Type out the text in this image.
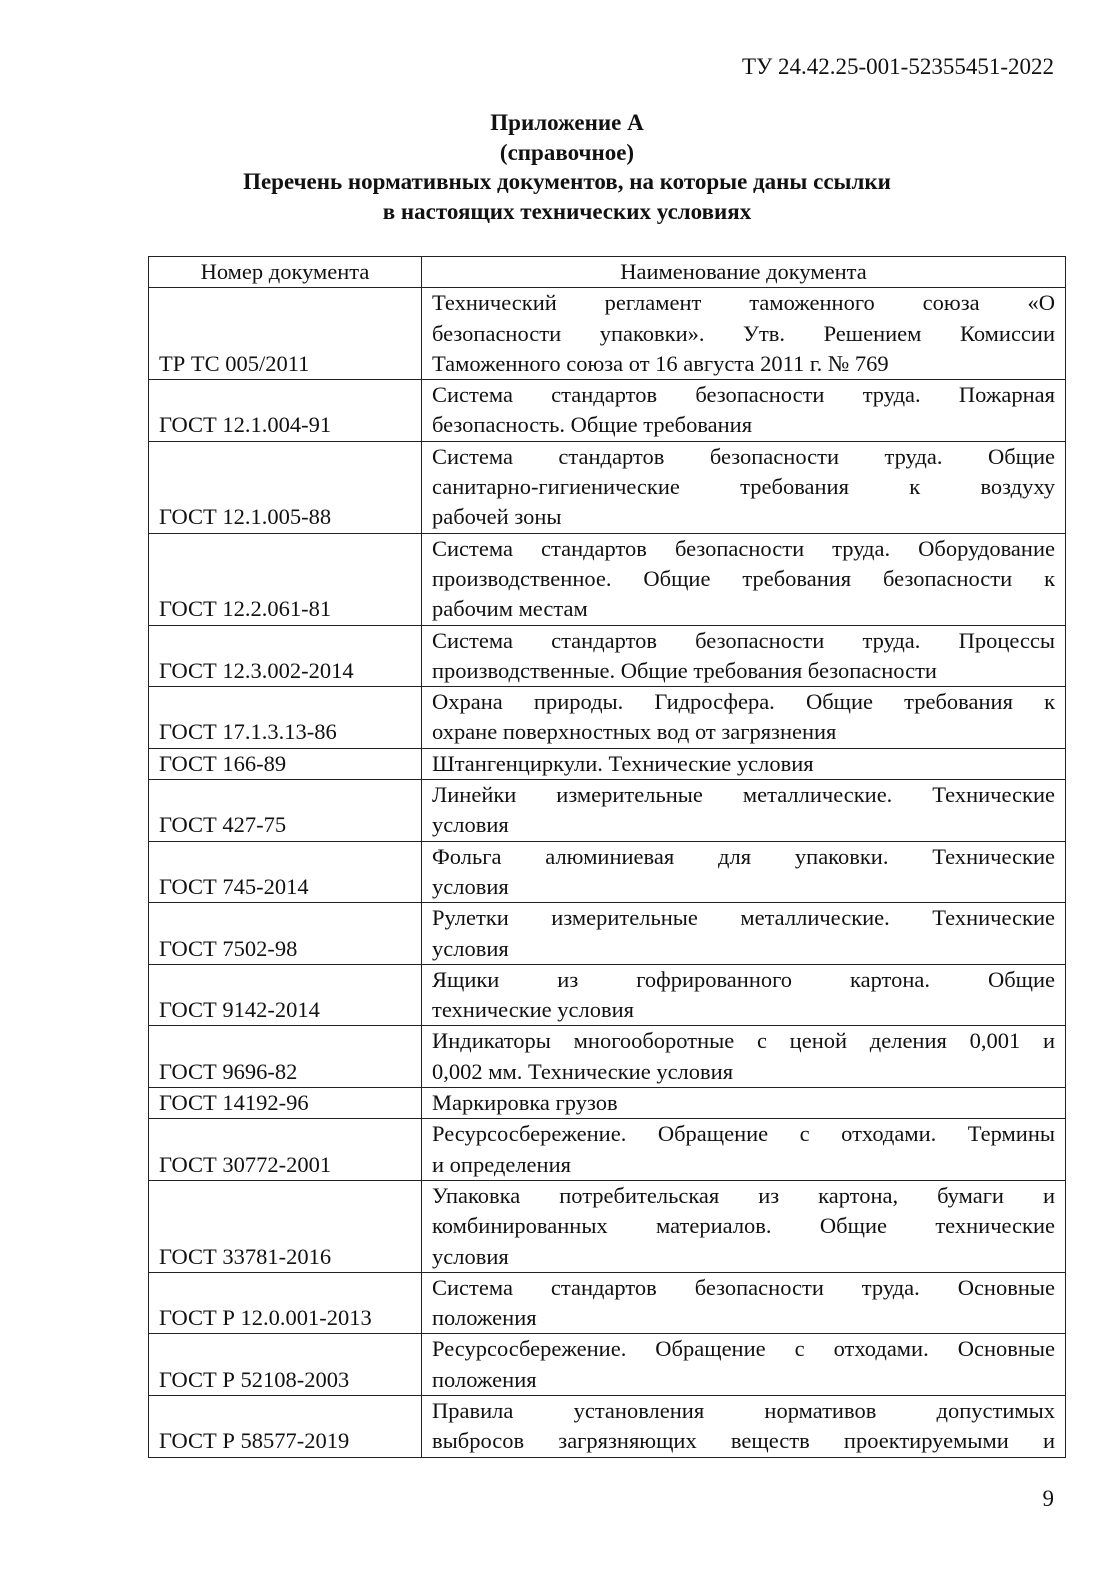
ТУ 24.42.25-001-52355451-2022
Приложение А
(справочное)
Перечень нормативных документов, на которые даны ссылки
в настоящих технических условиях
Номер документа	Наименование документа
ТР ТС 005/2011	Технический регламент таможенного союза «О
безопасности упаковки». Утв. Решением Комиссии
Таможенного союза от 16 августа 2011 г. № 769

ГОСТ 12.1.004-91	Система стандартов безопасности труда. Пожарная
безопасность. Общие требования

ГОСТ 12.1.005-88	Система стандартов безопасности труда. Общие
санитарно-гигиенические требования к воздуху
рабочей зоны

ГОСТ 12.2.061-81	Система стандартов безопасности труда. Оборудование
производственное. Общие требования безопасности к
рабочим местам

ГОСТ 12.3.002-2014	Система стандартов безопасности труда. Процессы
производственные. Общие требования безопасности

ГОСТ 17.1.3.13-86	Охрана природы. Гидросфера. Общие требования к
охране поверхностных вод от загрязнения

ГОСТ 166-89	Штангенциркули. Технические условия

ГОСТ 427-75	Линейки измерительные металлические. Технические
условия

ГОСТ 745-2014	Фольга алюминиевая для упаковки. Технические
условия

ГОСТ 7502-98	Рулетки измерительные металлические. Технические
условия

ГОСТ 9142-2014	Ящики из гофрированного картона. Общие
технические условия

ГОСТ 9696-82	Индикаторы многооборотные с ценой деления 0,001 и
0,002 мм. Технические условия

ГОСТ 14192-96	Маркировка грузов

ГОСТ 30772-2001	Ресурсосбережение. Обращение с отходами. Термины
и определения

ГОСТ 33781-2016	Упаковка потребительская из картона, бумаги и
комбинированных материалов. Общие технические
условия

ГОСТ Р 12.0.001-2013	Система стандартов безопасности труда. Основные
положения

ГОСТ Р 52108-2003	Ресурсосбережение. Обращение с отходами. Основные
положения

ГОСТ Р 58577-2019	Правила установления нормативов допустимых
выбросов загрязняющих веществ проектируемыми и
9
